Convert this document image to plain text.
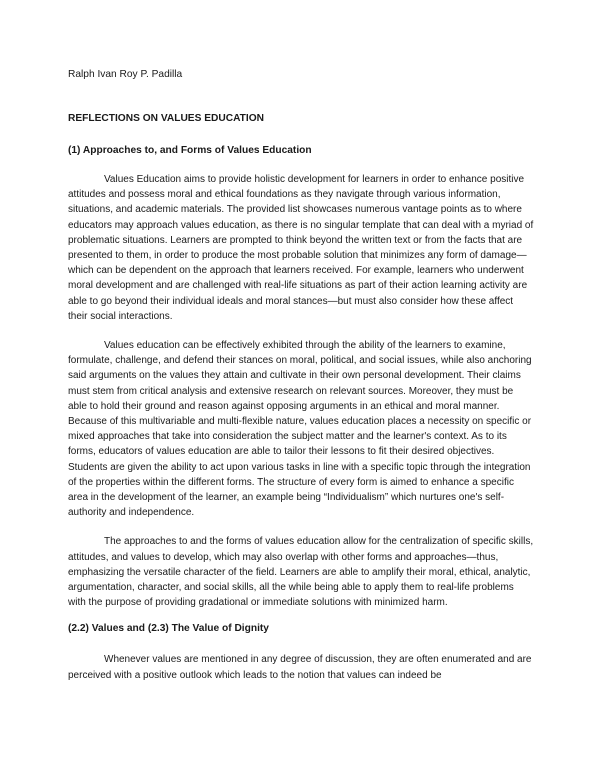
Ralph Ivan Roy P. Padilla

REFLECTIONS ON VALUES EDUCATION

(1) Approaches to, and Forms of Values Education

Values Education aims to provide holistic development for learners in order to enhance positive attitudes and possess moral and ethical foundations as they navigate through various information, situations, and academic materials. The provided list showcases numerous vantage points as to where educators may approach values education, as there is no singular template that can deal with a myriad of problematic situations. Learners are prompted to think beyond the written text or from the facts that are presented to them, in order to produce the most probable solution that minimizes any form of damage—which can be dependent on the approach that learners received. For example, learners who underwent moral development and are challenged with real-life situations as part of their action learning activity are able to go beyond their individual ideals and moral stances—but must also consider how these affect their social interactions.

Values education can be effectively exhibited through the ability of the learners to examine, formulate, challenge, and defend their stances on moral, political, and social issues, while also anchoring said arguments on the values they attain and cultivate in their own personal development. Their claims must stem from critical analysis and extensive research on relevant sources. Moreover, they must be able to hold their ground and reason against opposing arguments in an ethical and moral manner. Because of this multivariable and multi-flexible nature, values education places a necessity on specific or mixed approaches that take into consideration the subject matter and the learner's context. As to its forms, educators of values education are able to tailor their lessons to fit their desired objectives. Students are given the ability to act upon various tasks in line with a specific topic through the integration of the properties within the different forms. The structure of every form is aimed to enhance a specific area in the development of the learner, an example being “Individualism” which nurtures one's self-authority and independence.

The approaches to and the forms of values education allow for the centralization of specific skills, attitudes, and values to develop, which may also overlap with other forms and approaches—thus, emphasizing the versatile character of the field. Learners are able to amplify their moral, ethical, analytic, argumentation, character, and social skills, all the while being able to apply them to real-life problems with the purpose of providing gradational or immediate solutions with minimized harm.

(2.2) Values and (2.3) The Value of Dignity

Whenever values are mentioned in any degree of discussion, they are often enumerated and are perceived with a positive outlook which leads to the notion that values can indeed be
